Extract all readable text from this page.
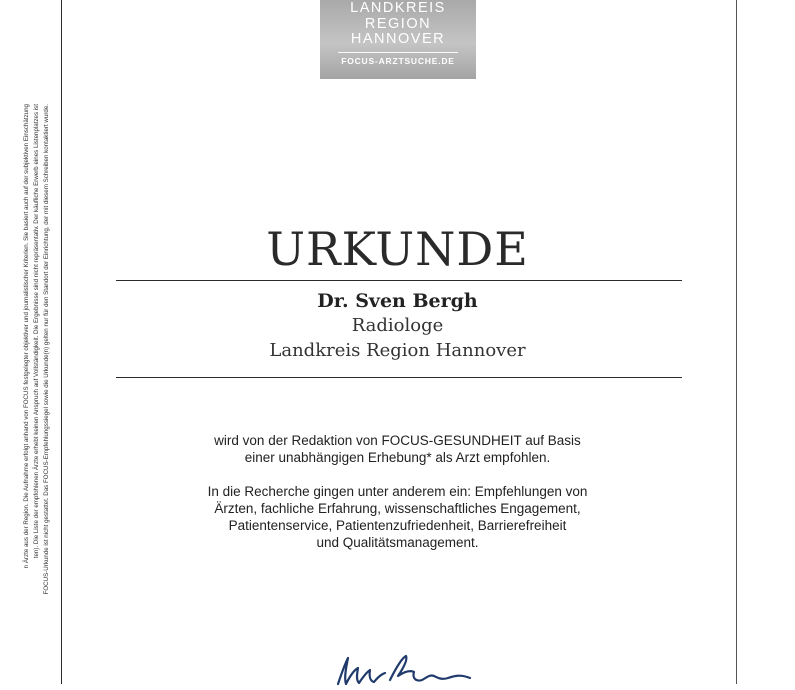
LANDKREIS
REGION
HANNOVER
FOCUS-ARZTSUCHE.DE
n Ärzte aus der Region. Die Aufnahme erfolgt anhand von FOCUS festgelegter objektiver und journalistischer Kriterien. Sie basiert auch auf der subjektiven Einschätzung ten). Die Liste der empfohlenen Ärzte erhebt keinen Anspruch auf Vollständigkeit. Die Ergebnisse sind nicht repräsentativ. Der käufliche Erwerb eines Listenplatzes ist FOCUS-Urkunde ist nicht gestattet. Das FOCUS-Empfehlungssiegel sowie die Urkunde(n) gelten nur für den Standort der Einrichtung, der mit diesem Schreiben kontaktiert wurde.	URKUNDE
Dr. Sven Bergh
Radiologe
Landkreis Region Hannover
wird von der Redaktion von FOCUS-GESUNDHEIT auf Basis
einer unabhängigen Erhebung* als Arzt empfohlen.
In die Recherche gingen unter anderem ein: Empfehlungen von
Ärzten, fachliche Erfahrung, wissenschaftliches Engagement,
Patientenservice, Patientenzufriedenheit, Barrierefreiheit
und Qualitätsmanagement.
